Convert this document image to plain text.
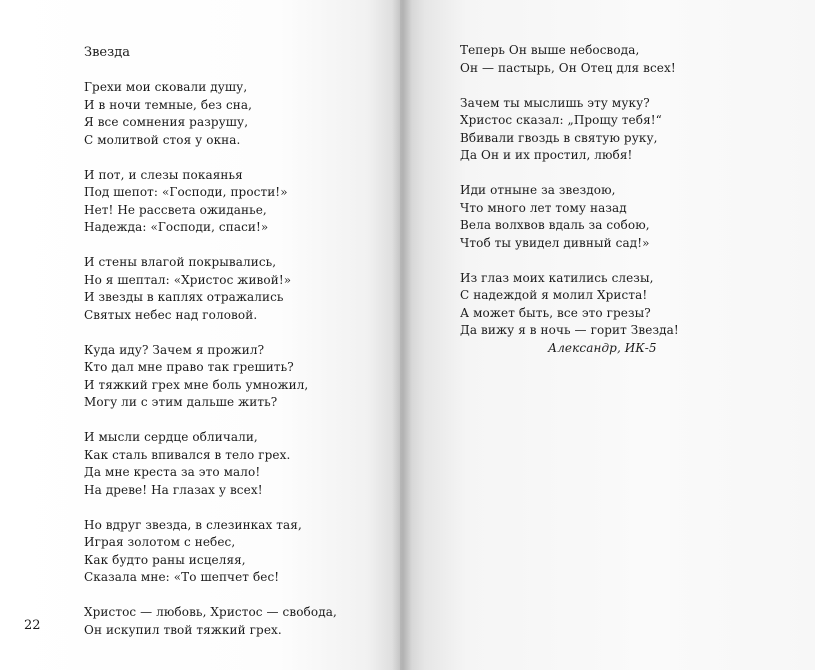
Звезда
Грехи мои сковали душу,
И в ночи темные, без сна,
Я все сомнения разрушу,
С молитвой стоя у окна.
И пот, и слезы покаянья
Под шепот: «Господи, прости!»
Нет! Не рассвета ожиданье,
Надежда: «Господи, спаси!»
И стены влагой покрывались,
Но я шептал: «Христос живой!»
И звезды в каплях отражались
Святых небес над головой.
Куда иду? Зачем я прожил?
Кто дал мне право так грешить?
И тяжкий грех мне боль умножил,
Могу ли с этим дальше жить?
И мысли сердце обличали,
Как сталь впивался в тело грех.
Да мне креста за это мало!
На древе! На глазах у всех!
Но вдруг звезда, в слезинках тая,
Играя золотом с небес,
Как будто раны исцеляя,
Сказала мне: «То шепчет бес!
Христос — любовь, Христос — свобода,
Он искупил твой тяжкий грех.
22
Теперь Он выше небосвода,
Он — пастырь, Он Отец для всех!
Зачем ты мыслишь эту муку?
Христос сказал: „Прощу тебя!“
Вбивали гвоздь в святую руку,
Да Он и их простил, любя!
Иди отныне за звездою,
Что много лет тому назад
Вела волхвов вдаль за собою,
Чтоб ты увидел дивный сад!»
Из глаз моих катились слезы,
С надеждой я молил Христа!
А может быть, все это грезы?
Да вижу я в ночь — горит Звезда!
Александр, ИК-5
